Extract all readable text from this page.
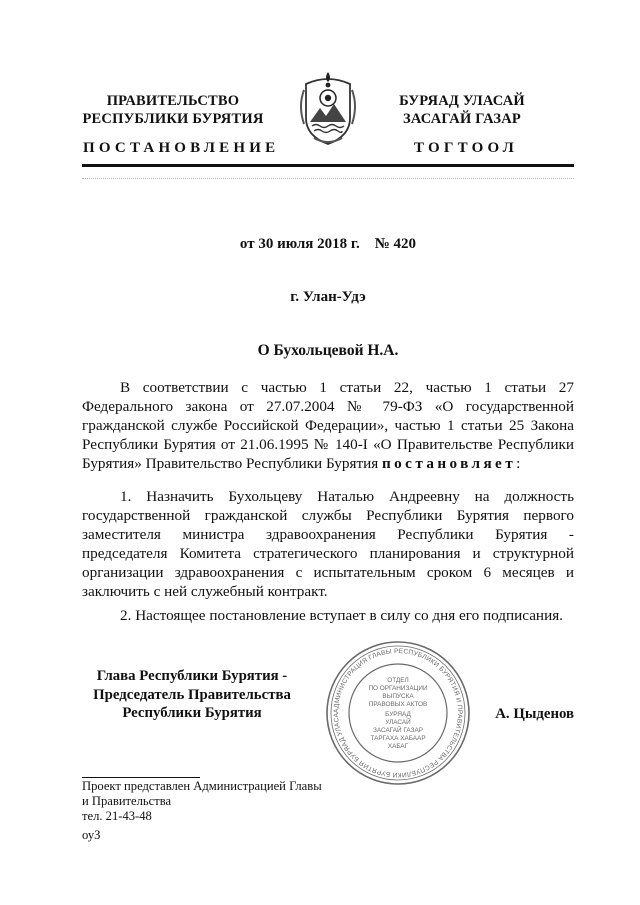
ПРАВИТЕЛЬСТВО
РЕСПУБЛИКИ БУРЯТИЯ
БУРЯАД УЛАСАЙ
ЗАСАГАЙ ГАЗАР
ПОСТАНОВЛЕНИЕ	ТОГТООЛ
от 30 июля 2018 г.    № 420
г. Улан-Удэ
О Бухольцевой Н.А.
В соответствии с частью 1 статьи 22, частью 1 статьи 27 Федерального закона от 27.07.2004 № 79-ФЗ «О государственной гражданской службе Российской Федерации», частью 1 статьи 25 Закона Республики Бурятия от 21.06.1995 № 140-I «О Правительстве Республики Бурятия» Правительство Республики Бурятия постановляет:
1. Назначить Бухольцеву Наталью Андреевну на должность государственной гражданской службы Республики Бурятия первого заместителя министра здравоохранения Республики Бурятия - председателя Комитета стратегического планирования и структурной организации здравоохранения с испытательным сроком 6 месяцев и заключить с ней служебный контракт.
2. Настоящее постановление вступает в силу со дня его подписания.
Глава Республики Бурятия -
Председатель Правительства
Республики Бурятия	АДМИНИСТРАЦИЯ ГЛАВЫ РЕСПУБЛИКИ БУРЯТИЯ И ПРАВИТЕЛЬСТВА РЕСПУБЛИКИ БУРЯТИЯ БУРЯАД УЛАСА
ОТДЕЛ
ПО ОРГАНИЗАЦИИ
ВЫПУСКА
ПРАВОВЫХ АКТОВ
БУРЯАД
УЛАСАЙ
ЗАСАГАЙ ГАЗАР
ТАРГАХА ХАБААР
ХАБАГ
А. Цыденов
Проект представлен Администрацией Главы
и Правительства
тел. 21-43-48
оуЗ
